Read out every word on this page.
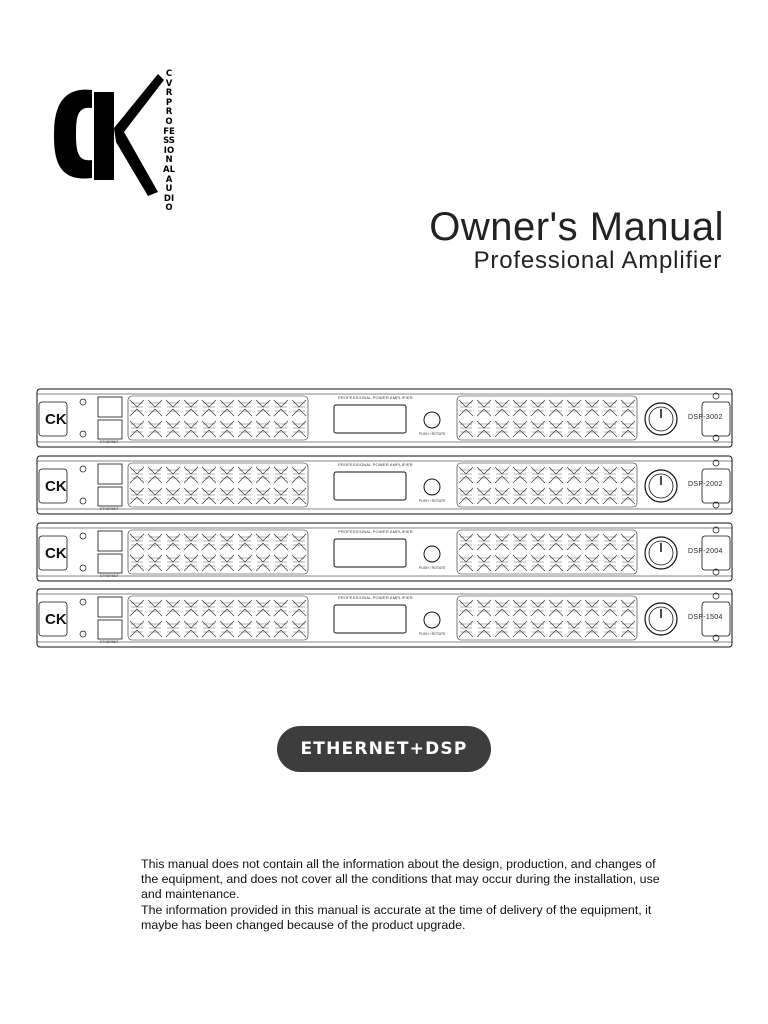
CVR PROFESSIONAL AUDIO	Owner's Manual
Professional Amplifier
CK
PROFESSIONAL POWER AMPLIFIER
PUSH / ROTATE
ETHERNET
DSP-3002
CK
PROFESSIONAL POWER AMPLIFIER
PUSH / ROTATE
ETHERNET
DSP-2002
CK
PROFESSIONAL POWER AMPLIFIER
PUSH / ROTATE
ETHERNET
DSP-2004
CK
PROFESSIONAL POWER AMPLIFIER
PUSH / ROTATE
ETHERNET
DSP-1504
ETHERNET+DSP

This manual does not contain all the information about the design, production, and changes of the equipment, and does not cover all the conditions that may occur during the installation, use and maintenance.

The information provided in this manual is accurate at the time of delivery of the equipment, it maybe has been changed because of the product upgrade.
